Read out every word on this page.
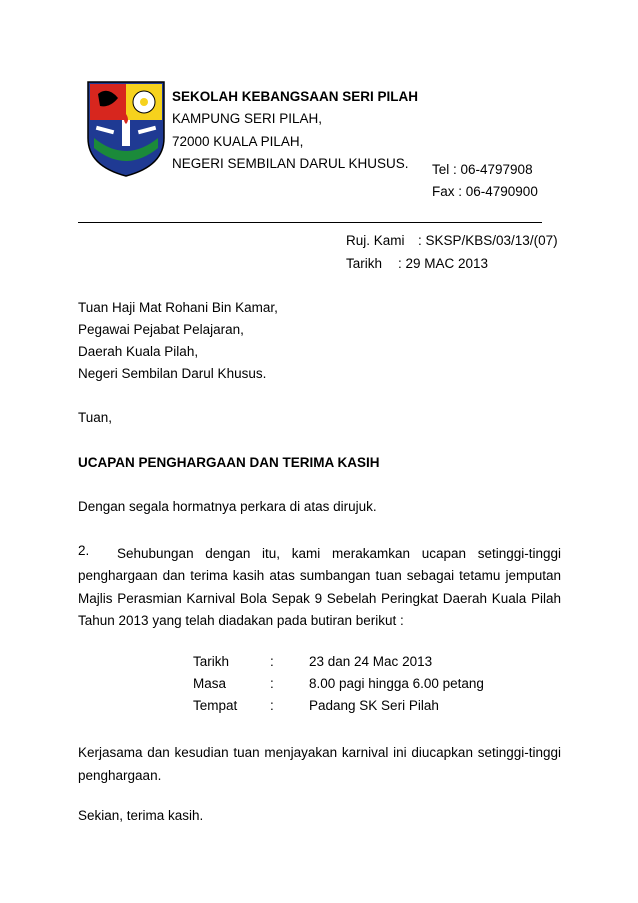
SEKOLAH KEBANGSAAN SERI PILAH
KAMPUNG SERI PILAH,
72000 KUALA PILAH,
NEGERI SEMBILAN DARUL KHUSUS. Tel : 06-4797908
Fax : 06-4790900
Ruj. Kami : SKSP/KBS/03/13/(07)
Tarikh : 29 MAC 2013
Tuan Haji Mat Rohani Bin Kamar,
Pegawai Pejabat Pelajaran,
Daerah Kuala Pilah,
Negeri Sembilan Darul Khusus.
Tuan,
UCAPAN PENGHARGAAN DAN TERIMA KASIH
Dengan segala hormatnya perkara di atas dirujuk.
2. Sehubungan dengan itu, kami merakamkan ucapan setinggi-tinggi
penghargaan dan terima kasih atas sumbangan tuan sebagai tetamu jemputan
Majlis Perasmian Karnival Bola Sepak 9 Sebelah Peringkat Daerah Kuala Pilah
Tahun 2013 yang telah diadakan pada butiran berikut :
Tarikh	:	23 dan 24 Mac 2013
Masa	:	8.00 pagi hingga 6.00 petang
Tempat :	Padang SK Seri Pilah
Kerjasama dan kesudian tuan menjayakan karnival ini diucapkan setinggi-tinggi
penghargaan.
Sekian, terima kasih.
